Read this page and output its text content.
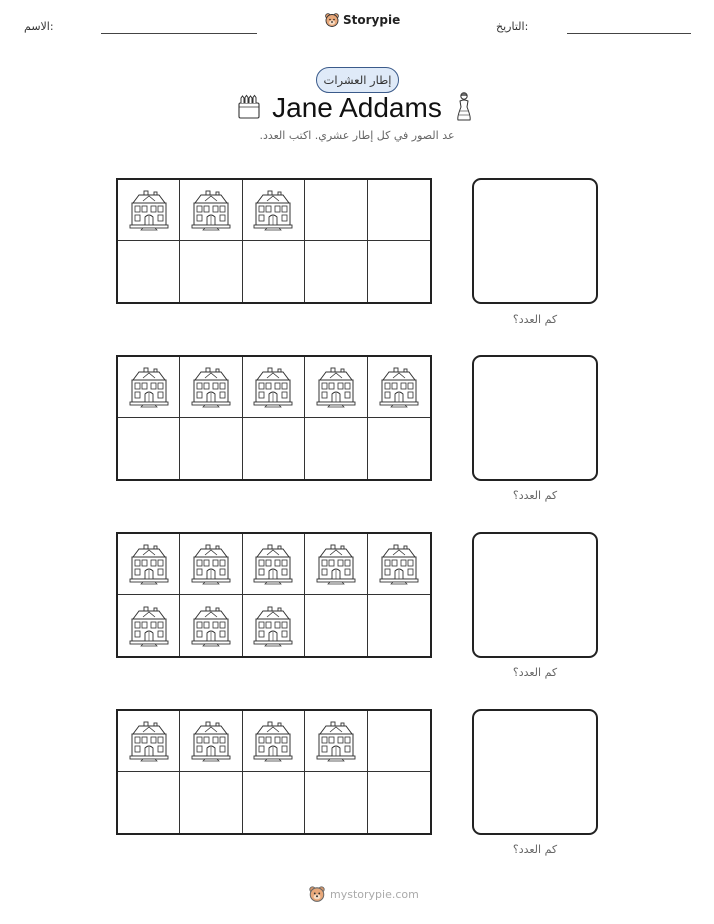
الاسم:	Storypie	التاريخ:
إطار العشرات
Jane Addams
عد الصور في كل إطار عشري. اكتب العدد.
كم العدد؟
كم العدد؟
كم العدد؟
كم العدد؟
mystorypie.com
